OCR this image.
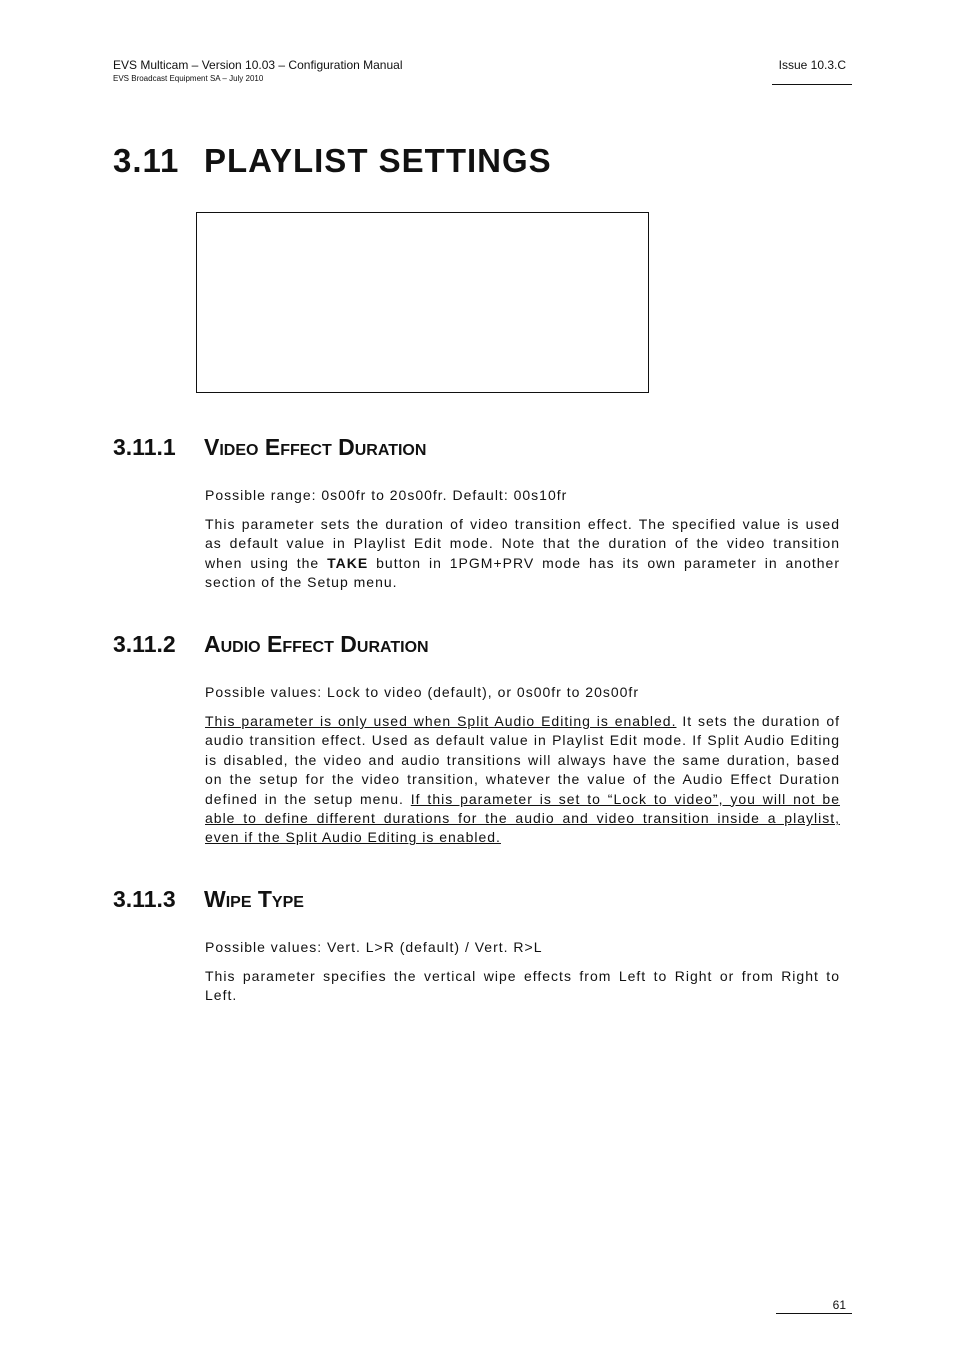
EVS Multicam – Version 10.03 – Configuration Manual
EVS Broadcast Equipment SA – July 2010
Issue 10.3.C
3.11 PLAYLIST SETTINGS
3.11.1 Video Effect Duration

Possible range: 0s00fr to 20s00fr. Default: 00s10fr

This parameter sets the duration of video transition effect. The specified value is used as default value in Playlist Edit mode. Note that the duration of the video transition when using the TAKE button in 1PGM+PRV mode has its own parameter in another section of the Setup menu.

3.11.2 Audio Effect Duration

Possible values: Lock to video (default), or 0s00fr to 20s00fr

This parameter is only used when Split Audio Editing is enabled. It sets the duration of audio transition effect. Used as default value in Playlist Edit mode. If Split Audio Editing is disabled, the video and audio transitions will always have the same duration, based on the setup for the video transition, whatever the value of the Audio Effect Duration defined in the setup menu. If this parameter is set to “Lock to video”, you will not be able to define different durations for the audio and video transition inside a playlist, even if the Split Audio Editing is enabled.

3.11.3 Wipe Type

Possible values: Vert. L>R (default) / Vert. R>L

This parameter specifies the vertical wipe effects from Left to Right or from Right to Left.

61
